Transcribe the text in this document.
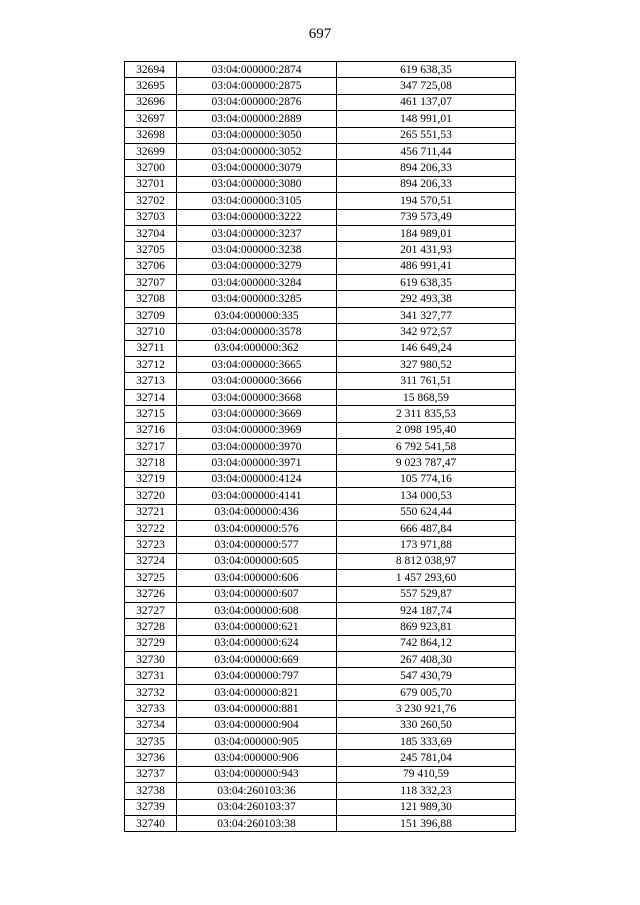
697
32694	03:04:000000:2874	619 638,35
32695	03:04:000000:2875	347 725,08
32696	03:04:000000:2876	461 137,07
32697	03:04:000000:2889	148 991,01
32698	03:04:000000:3050	265 551,53
32699	03:04:000000:3052	456 711,44
32700	03:04:000000:3079	894 206,33
32701	03:04:000000:3080	894 206,33
32702	03:04:000000:3105	194 570,51
32703	03:04:000000:3222	739 573,49
32704	03:04:000000:3237	184 989,01
32705	03:04:000000:3238	201 431,93
32706	03:04:000000:3279	486 991,41
32707	03:04:000000:3284	619 638,35
32708	03:04:000000:3285	292 493,38
32709	03:04:000000:335	341 327,77
32710	03:04:000000:3578	342 972,57
32711	03:04:000000:362	146 649,24
32712	03:04:000000:3665	327 980,52
32713	03:04:000000:3666	311 761,51
32714	03:04:000000:3668	15 868,59
32715	03:04:000000:3669	2 311 835,53
32716	03:04:000000:3969	2 098 195,40
32717	03:04:000000:3970	6 792 541,58
32718	03:04:000000:3971	9 023 787,47
32719	03:04:000000:4124	105 774,16
32720	03:04:000000:4141	134 000,53
32721	03:04:000000:436	550 624,44
32722	03:04:000000:576	666 487,84
32723	03:04:000000:577	173 971,88
32724	03:04:000000:605	8 812 038,97
32725	03:04:000000:606	1 457 293,60
32726	03:04:000000:607	557 529,87
32727	03:04:000000:608	924 187,74
32728	03:04:000000:621	869 923,81
32729	03:04:000000:624	742 864,12
32730	03:04:000000:669	267 408,30
32731	03:04:000000:797	547 430,79
32732	03:04:000000:821	679 005,70
32733	03:04:000000:881	3 230 921,76
32734	03:04:000000:904	330 260,50
32735	03:04:000000:905	185 333,69
32736	03:04:000000:906	245 781,04
32737	03:04:000000:943	79 410,59
32738	03:04:260103:36	118 332,23
32739	03:04:260103:37	121 989,30
32740	03:04:260103:38	151 396,88
